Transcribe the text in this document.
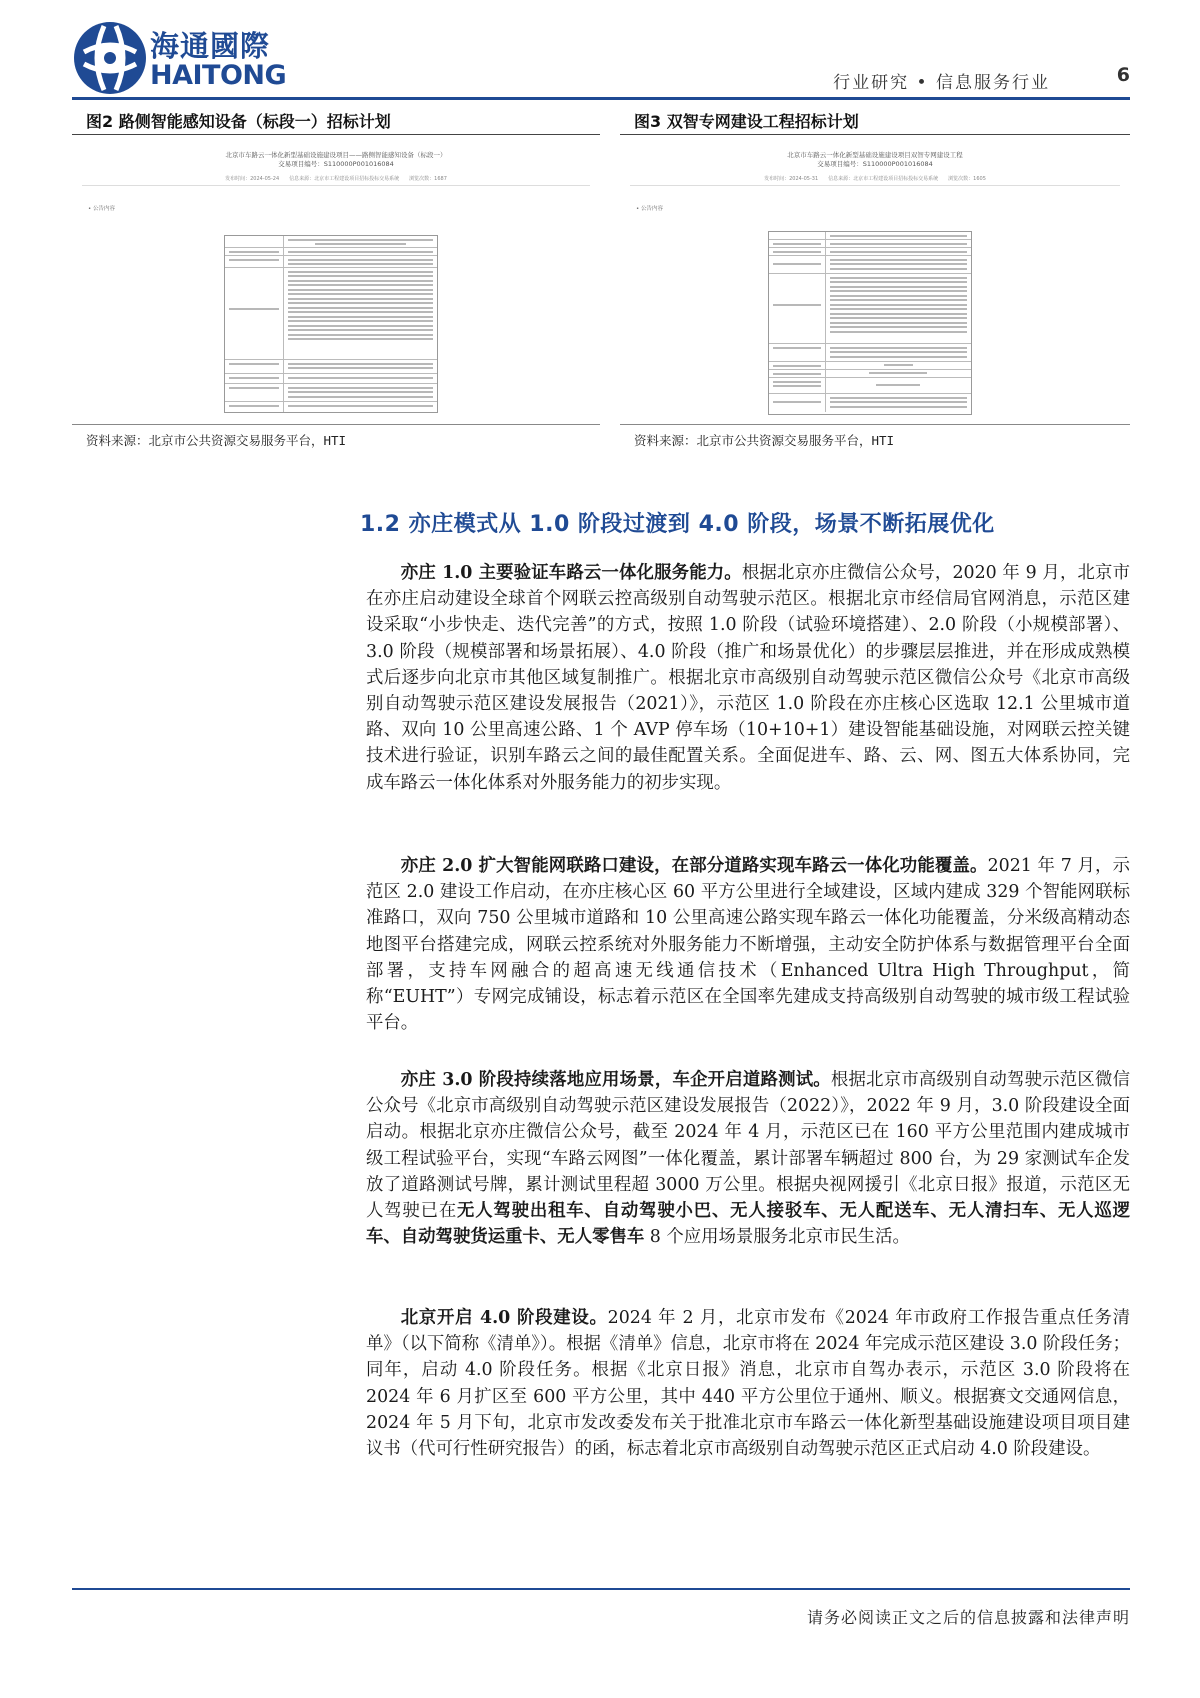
海通國際
HAITONG	行业研究 • 信息服务行业	6
图2 路侧智能感知设备（标段一）招标计划
北京市车路云一体化新型基础设施建设项目——路侧智能感知设备（标段一）
交易项目编号：S110000P001016084
发布时间：2024-05-24　　信息来源：北京市工程建设项目招标投标交易系统　　浏览次数：1687
• 公告内容
资料来源：北京市公共资源交易服务平台，HTI
图3 双智专网建设工程招标计划
北京市车路云一体化新型基础设施建设项目双智专网建设工程
交易项目编号：S110000P001016084
发布时间：2024-05-31　　信息来源：北京市工程建设项目招标投标交易系统　　浏览次数：1605
• 公告内容
资料来源：北京市公共资源交易服务平台，HTI
1.2 亦庄模式从 1.0 阶段过渡到 4.0 阶段，场景不断拓展优化
亦庄 1.0 主要验证车路云一体化服务能力。根据北京亦庄微信公众号，2020 年 9 月，北京市在亦庄启动建设全球首个网联云控高级别自动驾驶示范区。根据北京市经信局官网消息，示范区建设采取“小步快走、迭代完善”的方式，按照 1.0 阶段（试验环境搭建）、2.0 阶段（小规模部署）、3.0 阶段（规模部署和场景拓展）、4.0 阶段（推广和场景优化）的步骤层层推进，并在形成成熟模式后逐步向北京市其他区域复制推广。根据北京市高级别自动驾驶示范区微信公众号《北京市高级别自动驾驶示范区建设发展报告（2021）》，示范区 1.0 阶段在亦庄核心区选取 12.1 公里城市道路、双向 10 公里高速公路、1 个 AVP 停车场（10+10+1）建设智能基础设施，对网联云控关键技术进行验证，识别车路云之间的最佳配置关系。全面促进车、路、云、网、图五大体系协同，完成车路云一体化体系对外服务能力的初步实现。
亦庄 2.0 扩大智能网联路口建设，在部分道路实现车路云一体化功能覆盖。2021 年 7 月，示范区 2.0 建设工作启动，在亦庄核心区 60 平方公里进行全域建设，区域内建成 329 个智能网联标准路口，双向 750 公里城市道路和 10 公里高速公路实现车路云一体化功能覆盖，分米级高精动态地图平台搭建完成，网联云控系统对外服务能力不断增强，主动安全防护体系与数据管理平台全面部署，支持车网融合的超高速无线通信技术（Enhanced Ultra High Throughput，简称“EUHT”）专网完成铺设，标志着示范区在全国率先建成支持高级别自动驾驶的城市级工程试验平台。
亦庄 3.0 阶段持续落地应用场景，车企开启道路测试。根据北京市高级别自动驾驶示范区微信公众号《北京市高级别自动驾驶示范区建设发展报告（2022）》，2022 年 9 月，3.0 阶段建设全面启动。根据北京亦庄微信公众号，截至 2024 年 4 月，示范区已在 160 平方公里范围内建成城市级工程试验平台，实现“车路云网图”一体化覆盖，累计部署车辆超过 800 台，为 29 家测试车企发放了道路测试号牌，累计测试里程超 3000 万公里。根据央视网援引《北京日报》报道，示范区无人驾驶已在无人驾驶出租车、自动驾驶小巴、无人接驳车、无人配送车、无人清扫车、无人巡逻车、自动驾驶货运重卡、无人零售车 8 个应用场景服务北京市民生活。
北京开启 4.0 阶段建设。2024 年 2 月，北京市发布《2024 年市政府工作报告重点任务清单》（以下简称《清单》）。根据《清单》信息，北京市将在 2024 年完成示范区建设 3.0 阶段任务；同年，启动 4.0 阶段任务。根据《北京日报》消息，北京市自驾办表示，示范区 3.0 阶段将在 2024 年 6 月扩区至 600 平方公里，其中 440 平方公里位于通州、顺义。根据赛文交通网信息，2024 年 5 月下旬，北京市发改委发布关于批准北京市车路云一体化新型基础设施建设项目项目建议书（代可行性研究报告）的函，标志着北京市高级别自动驾驶示范区正式启动 4.0 阶段建设。
请务必阅读正文之后的信息披露和法律声明
